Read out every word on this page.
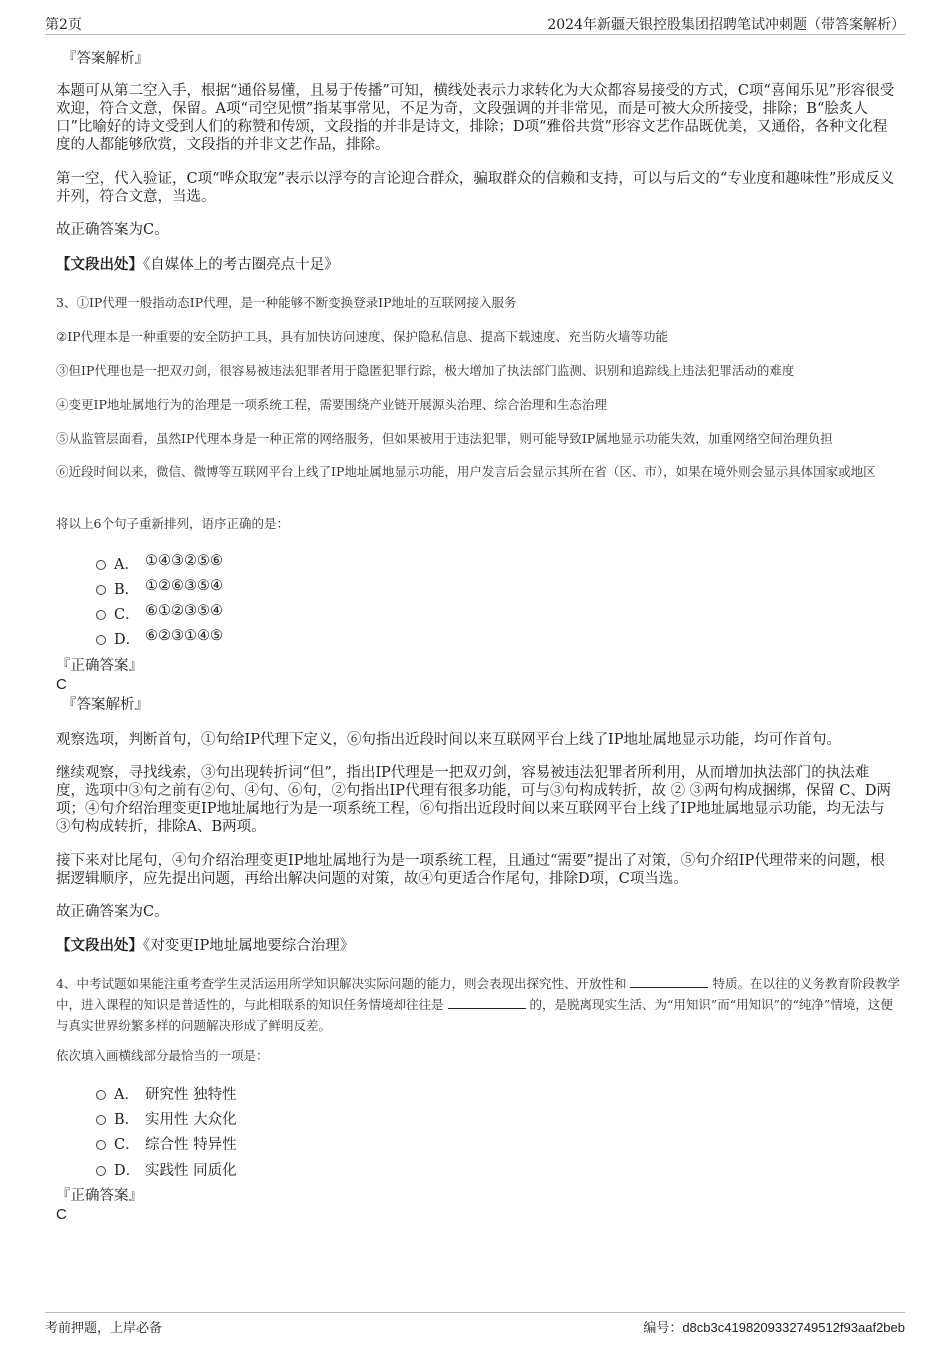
第2页	2024年新疆天银控股集团招聘笔试冲刺题（带答案解析）
『答案解析』
本题可从第二空入手，根据“通俗易懂，且易于传播”可知，横线处表示力求转化为大众都容易接受的方式，C项“喜闻乐见”形容很受欢迎，符合文意，保留。A项“司空见惯”指某事常见，不足为奇，文段强调的并非常见，而是可被大众所接受，排除；B“脍炙人口”比喻好的诗文受到人们的称赞和传颂，文段指的并非是诗文，排除；D项“雅俗共赏”形容文艺作品既优美，又通俗，各种文化程度的人都能够欣赏，文段指的并非文艺作品，排除。
第一空，代入验证，C项“哗众取宠”表示以浮夸的言论迎合群众，骗取群众的信赖和支持，可以与后文的“专业度和趣味性”形成反义并列，符合文意，当选。
故正确答案为C。
【文段出处】《自媒体上的考古圈亮点十足》
3、①IP代理一般指动态IP代理，是一种能够不断变换登录IP地址的互联网接入服务
②IP代理本是一种重要的安全防护工具，具有加快访问速度、保护隐私信息、提高下载速度、充当防火墙等功能
③但IP代理也是一把双刃剑，很容易被违法犯罪者用于隐匿犯罪行踪，极大增加了执法部门监测、识别和追踪线上违法犯罪活动的难度
④变更IP地址属地行为的治理是一项系统工程，需要围绕产业链开展源头治理、综合治理和生态治理
⑤从监管层面看，虽然IP代理本身是一种正常的网络服务，但如果被用于违法犯罪，则可能导致IP属地显示功能失效，加重网络空间治理负担
⑥近段时间以来，微信、微博等互联网平台上线了IP地址属地显示功能，用户发言后会显示其所在省（区、市），如果在境外则会显示具体国家或地区
将以上6个句子重新排列，语序正确的是：
A． ①④③②⑤⑥
B． ①②⑥③⑤④
C． ⑥①②③⑤④
D． ⑥②③①④⑤
『正确答案』
C
『答案解析』
观察选项，判断首句，①句给IP代理下定义，⑥句指出近段时间以来互联网平台上线了IP地址属地显示功能，均可作首句。
继续观察，寻找线索，③句出现转折词“但”，指出IP代理是一把双刃剑，容易被违法犯罪者所利用，从而增加执法部门的执法难度，选项中③句之前有②句、④句、⑥句，②句指出IP代理有很多功能，可与③句构成转折，故 ② ③两句构成捆绑，保留 C、D两项；④句介绍治理变更IP地址属地行为是一项系统工程，⑥句指出近段时间以来互联网平台上线了IP地址属地显示功能，均无法与③句构成转折，排除A、B两项。
接下来对比尾句，④句介绍治理变更IP地址属地行为是一项系统工程，且通过“需要”提出了对策，⑤句介绍IP代理带来的问题，根据逻辑顺序，应先提出问题，再给出解决问题的对策，故④句更适合作尾句，排除D项，C项当选。
故正确答案为C。
【文段出处】《对变更IP地址属地要综合治理》
4、中考试题如果能注重考查学生灵活运用所学知识解决实际问题的能力，则会表现出探究性、开放性和	特质。在以往的义务教育阶段教学中，进入课程的知识是普适性的，与此相联系的知识任务情境却往往是	的，是脱离现实生活、为“用知识”而“用知识”的“纯净”情境，这便与真实世界纷繁多样的问题解决形成了鲜明反差。
依次填入画横线部分最恰当的一项是：
A． 研究性 独特性
B． 实用性 大众化
C． 综合性 特异性
D． 实践性 同质化
『正确答案』
C
考前押题，上岸必备	编号：d8cb3c4198209332749512f93aaf2beb
